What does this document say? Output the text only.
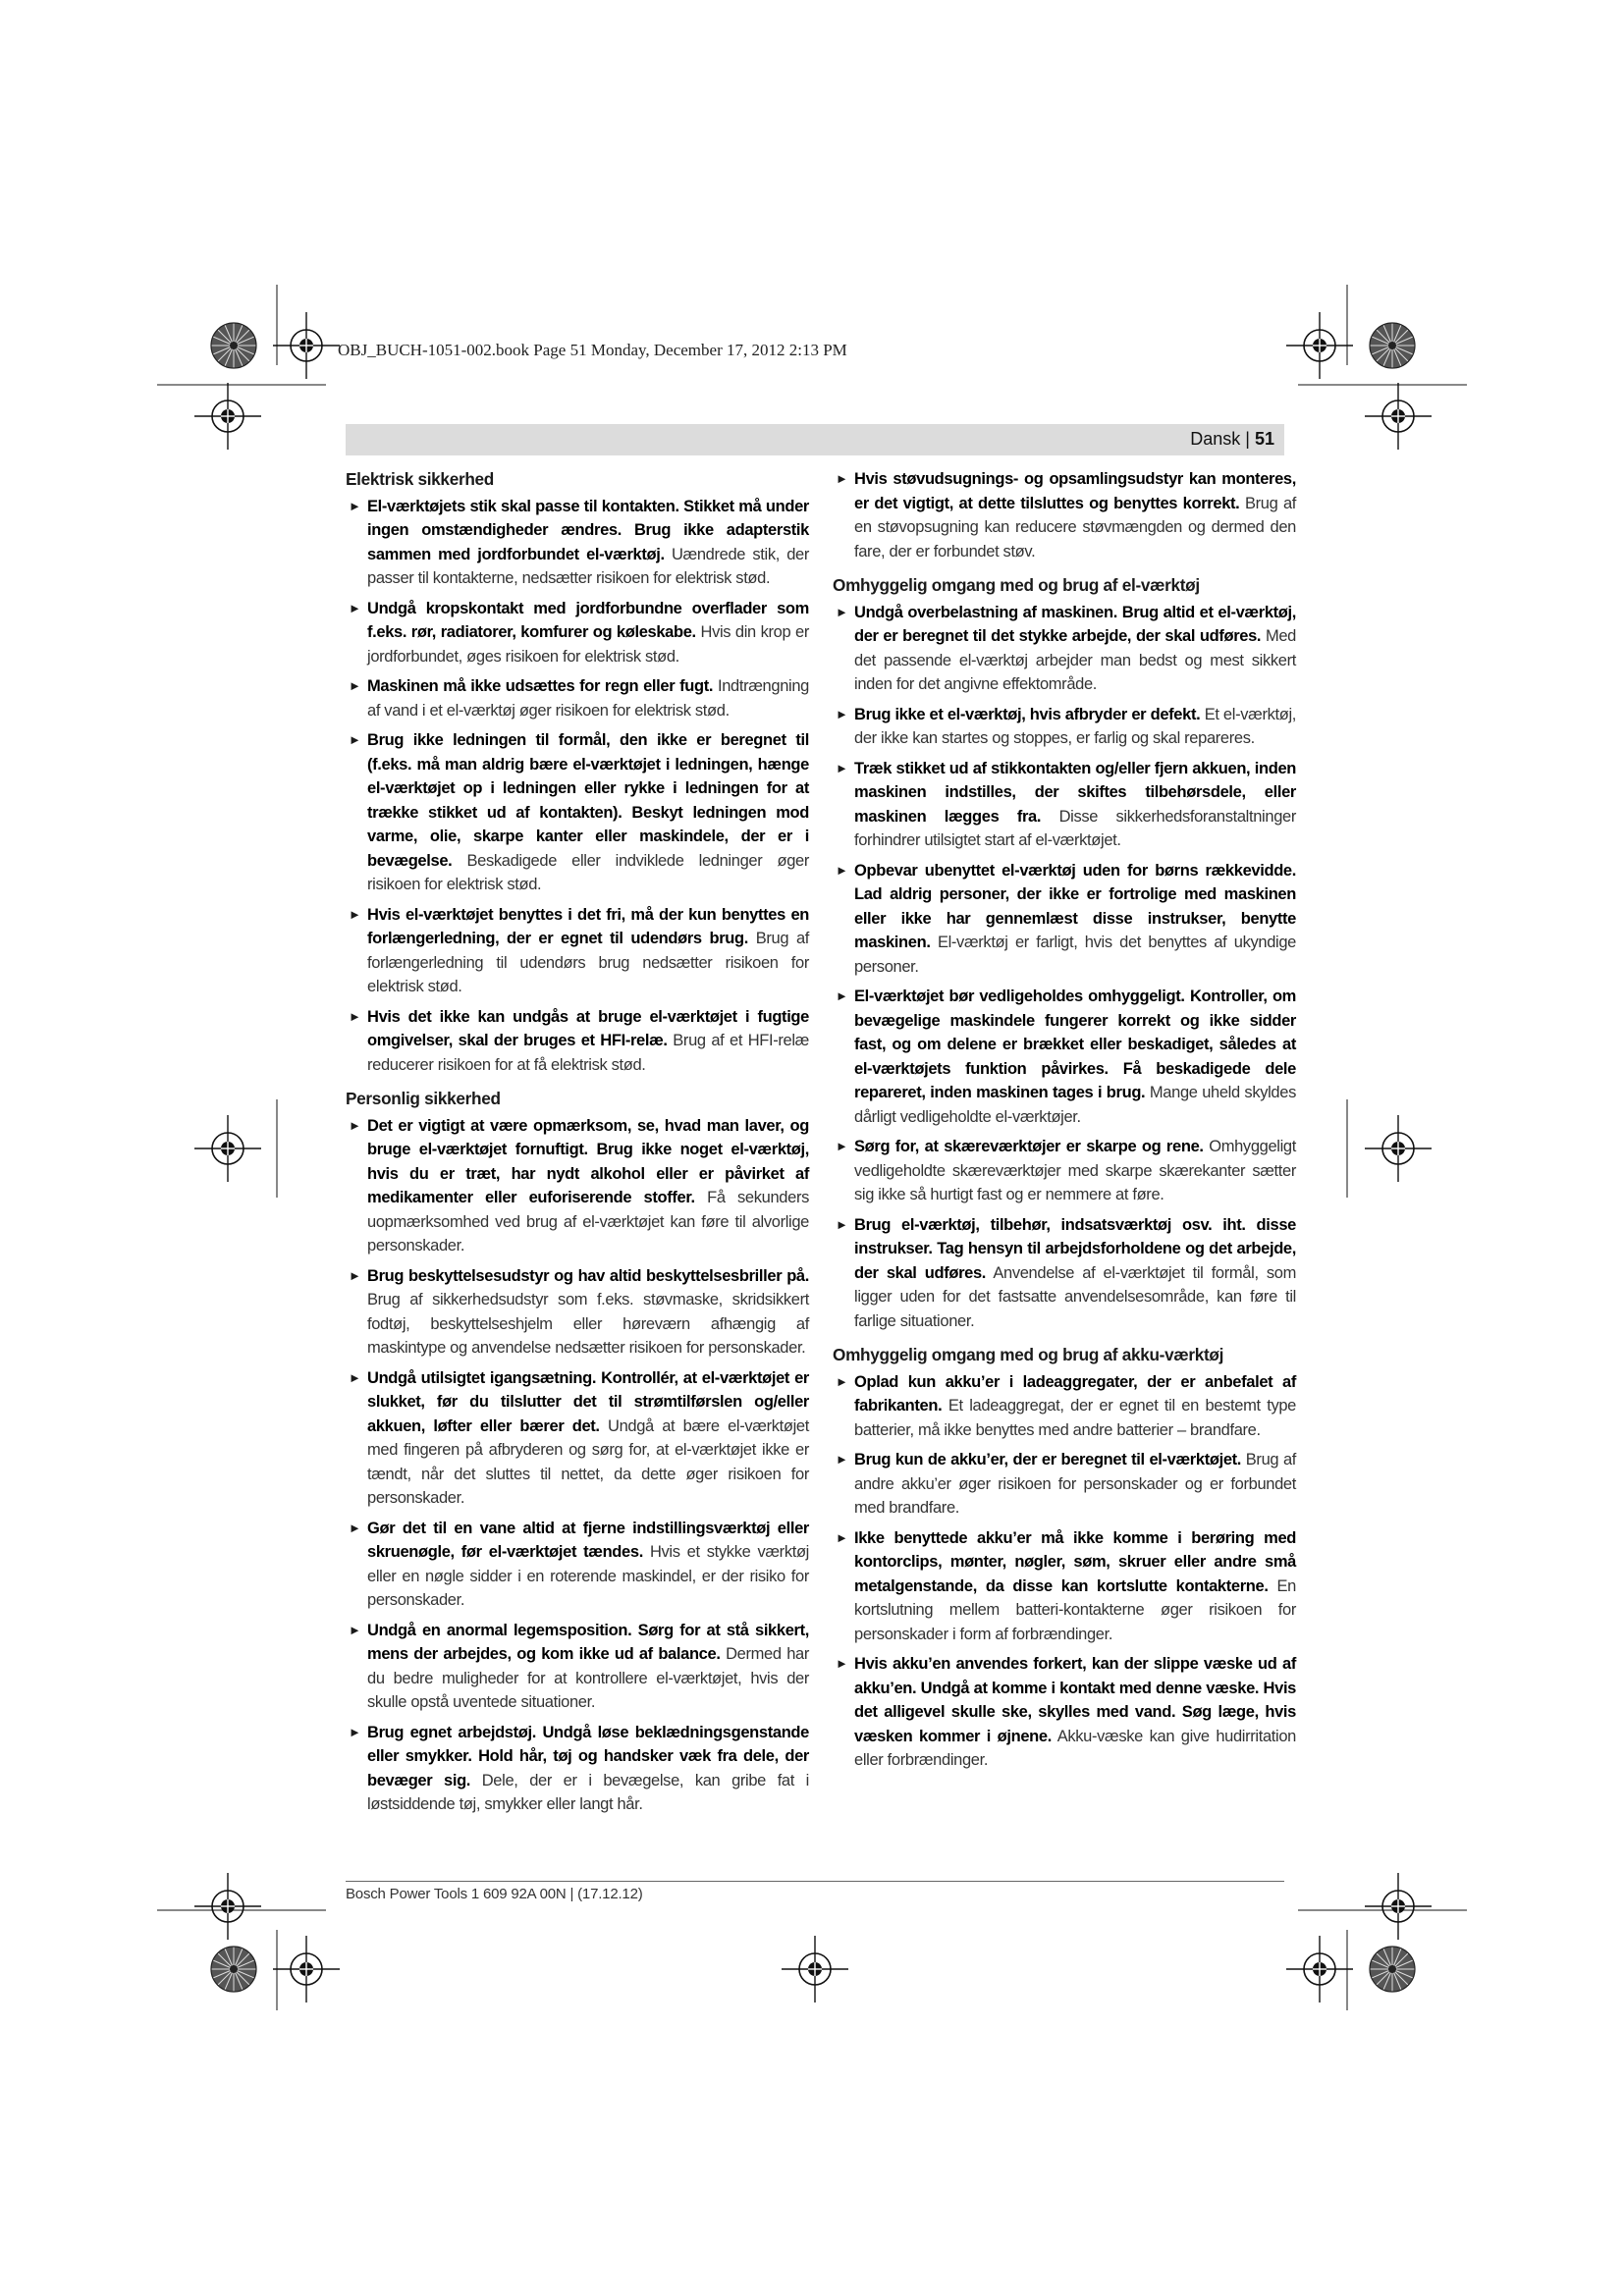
OBJ_BUCH-1051-002.book Page 51 Monday, December 17, 2012 2:13 PM
Dansk | 51
Elektrisk sikkerhed
► El-værktøjets stik skal passe til kontakten. Stikket må under ingen omstændigheder ændres. Brug ikke adapterstik sammen med jordforbundet el-værktøj. Uændrede stik, der passer til kontakterne, nedsætter risikoen for elektrisk stød.
► Undgå kropskontakt med jordforbundne overflader som f.eks. rør, radiatorer, komfurer og køleskabe. Hvis din krop er jordforbundet, øges risikoen for elektrisk stød.
► Maskinen må ikke udsættes for regn eller fugt. Indtrængning af vand i et el-værktøj øger risikoen for elektrisk stød.
► Brug ikke ledningen til formål, den ikke er beregnet til (f.eks. må man aldrig bære el-værktøjet i ledningen, hænge el-værktøjet op i ledningen eller rykke i ledningen for at trække stikket ud af kontakten). Beskyt ledningen mod varme, olie, skarpe kanter eller maskindele, der er i bevægelse. Beskadigede eller indviklede ledninger øger risikoen for elektrisk stød.
► Hvis el-værktøjet benyttes i det fri, må der kun benyttes en forlængerledning, der er egnet til udendørs brug. Brug af forlængerledning til udendørs brug nedsætter risikoen for elektrisk stød.
► Hvis det ikke kan undgås at bruge el-værktøjet i fugtige omgivelser, skal der bruges et HFI-relæ. Brug af et HFI-relæ reducerer risikoen for at få elektrisk stød.
Personlig sikkerhed
► Det er vigtigt at være opmærksom, se, hvad man laver, og bruge el-værktøjet fornuftigt. Brug ikke noget el-værktøj, hvis du er træt, har nydt alkohol eller er påvirket af medikamenter eller euforiserende stoffer. Få sekunders uopmærksomhed ved brug af el-værktøjet kan føre til alvorlige personskader.
► Brug beskyttelsesudstyr og hav altid beskyttelsesbriller på. Brug af sikkerhedsudstyr som f.eks. støvmaske, skridsikkert fodtøj, beskyttelseshjelm eller høreværn afhængig af maskintype og anvendelse nedsætter risikoen for personskader.
► Undgå utilsigtet igangsætning. Kontrollér, at el-værktøjet er slukket, før du tilslutter det til strømtilførslen og/eller akkuen, løfter eller bærer det. Undgå at bære el-værktøjet med fingeren på afbryderen og sørg for, at el-værktøjet ikke er tændt, når det sluttes til nettet, da dette øger risikoen for personskader.
► Gør det til en vane altid at fjerne indstillingsværktøj eller skruenøgle, før el-værktøjet tændes. Hvis et stykke værktøj eller en nøgle sidder i en roterende maskindel, er der risiko for personskader.
► Undgå en anormal legemsposition. Sørg for at stå sikkert, mens der arbejdes, og kom ikke ud af balance. Dermed har du bedre muligheder for at kontrollere el-værktøjet, hvis der skulle opstå uventede situationer.
► Brug egnet arbejdstøj. Undgå løse beklædningsgenstande eller smykker. Hold hår, tøj og handsker væk fra dele, der bevæger sig. Dele, der er i bevægelse, kan gribe fat i løstsiddende tøj, smykker eller langt hår.
► Hvis støvudsugnings- og opsamlingsudstyr kan monteres, er det vigtigt, at dette tilsluttes og benyttes korrekt. Brug af en støvopsugning kan reducere støvmængden og dermed den fare, der er forbundet støv.
Omhyggelig omgang med og brug af el-værktøj
► Undgå overbelastning af maskinen. Brug altid et el-værktøj, der er beregnet til det stykke arbejde, der skal udføres. Med det passende el-værktøj arbejder man bedst og mest sikkert inden for det angivne effektområde.
► Brug ikke et el-værktøj, hvis afbryder er defekt. Et el-værktøj, der ikke kan startes og stoppes, er farlig og skal repareres.
► Træk stikket ud af stikkontakten og/eller fjern akkuen, inden maskinen indstilles, der skiftes tilbehørsdele, eller maskinen lægges fra. Disse sikkerhedsforanstaltninger forhindrer utilsigtet start af el-værktøjet.
► Opbevar ubenyttet el-værktøj uden for børns rækkevidde. Lad aldrig personer, der ikke er fortrolige med maskinen eller ikke har gennemlæst disse instrukser, benytte maskinen. El-værktøj er farligt, hvis det benyttes af ukyndige personer.
► El-værktøjet bør vedligeholdes omhyggeligt. Kontroller, om bevægelige maskindele fungerer korrekt og ikke sidder fast, og om delene er brækket eller beskadiget, således at el-værktøjets funktion påvirkes. Få beskadigede dele repareret, inden maskinen tages i brug. Mange uheld skyldes dårligt vedligeholdte el-værktøjer.
► Sørg for, at skæreværktøjer er skarpe og rene. Omhyggeligt vedligeholdte skæreværktøjer med skarpe skærekanter sætter sig ikke så hurtigt fast og er nemmere at føre.
► Brug el-værktøj, tilbehør, indsatsværktøj osv. iht. disse instrukser. Tag hensyn til arbejdsforholdene og det arbejde, der skal udføres. Anvendelse af el-værktøjet til formål, som ligger uden for det fastsatte anvendelsesområde, kan føre til farlige situationer.
Omhyggelig omgang med og brug af akku-værktøj
► Oplad kun akku’er i ladeaggregater, der er anbefalet af fabrikanten. Et ladeaggregat, der er egnet til en bestemt type batterier, må ikke benyttes med andre batterier – brandfare.
► Brug kun de akku’er, der er beregnet til el-værktøjet. Brug af andre akku’er øger risikoen for personskader og er forbundet med brandfare.
► Ikke benyttede akku’er må ikke komme i berøring med kontorclips, mønter, nøgler, søm, skruer eller andre små metalgenstande, da disse kan kortslutte kontakterne. En kortslutning mellem batteri-kontakterne øger risikoen for personskader i form af forbrændinger.
► Hvis akku’en anvendes forkert, kan der slippe væske ud af akku’en. Undgå at komme i kontakt med denne væske. Hvis det alligevel skulle ske, skylles med vand. Søg læge, hvis væsken kommer i øjnene. Akku-væske kan give hudirritation eller forbrændinger.
Bosch Power Tools 1 609 92A 00N | (17.12.12)
